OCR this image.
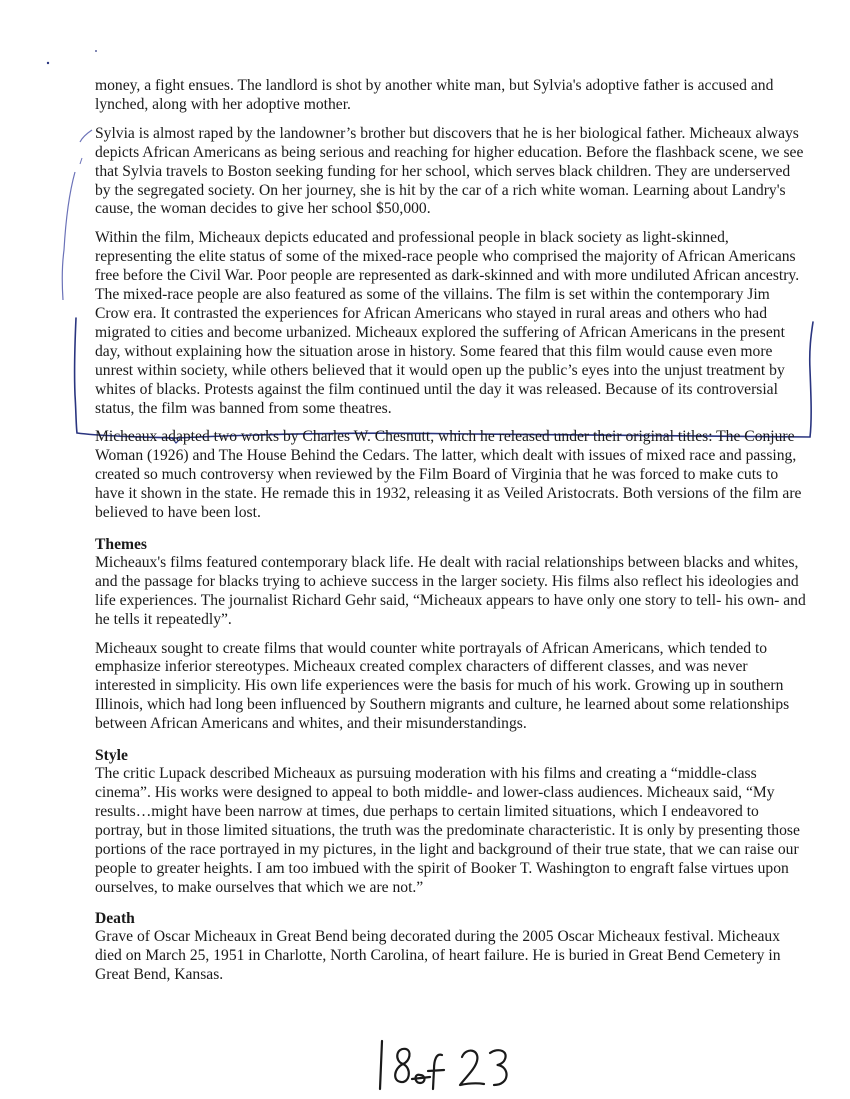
money, a fight ensues. The landlord is shot by another white man, but Sylvia's adoptive father is accused and lynched, along with her adoptive mother.

Sylvia is almost raped by the landowner’s brother but discovers that he is her biological father. Micheaux always depicts African Americans as being serious and reaching for higher education. Before the flashback scene, we see that Sylvia travels to Boston seeking funding for her school, which serves black children. They are underserved by the segregated society. On her journey, she is hit by the car of a rich white woman. Learning about Landry's cause, the woman decides to give her school $50,000.

Within the film, Micheaux depicts educated and professional people in black society as light-skinned, representing the elite status of some of the mixed-race people who comprised the majority of African Americans free before the Civil War. Poor people are represented as dark-skinned and with more undiluted African ancestry. The mixed-race people are also featured as some of the villains. The film is set within the contemporary Jim Crow era. It contrasted the experiences for African Americans who stayed in rural areas and others who had migrated to cities and become urbanized. Micheaux explored the suffering of African Americans in the present day, without explaining how the situation arose in history. Some feared that this film would cause even more unrest within society, while others believed that it would open up the public’s eyes into the unjust treatment by whites of blacks. Protests against the film continued until the day it was released. Because of its controversial status, the film was banned from some theatres.

Micheaux adapted two works by Charles W. Chesnutt, which he released under their original titles: The Conjure Woman (1926) and The House Behind the Cedars. The latter, which dealt with issues of mixed race and passing, created so much controversy when reviewed by the Film Board of Virginia that he was forced to make cuts to have it shown in the state. He remade this in 1932, releasing it as Veiled Aristocrats. Both versions of the film are believed to have been lost.

Themes

Micheaux's films featured contemporary black life. He dealt with racial relationships between blacks and whites, and the passage for blacks trying to achieve success in the larger society. His films also reflect his ideologies and life experiences. The journalist Richard Gehr said, “Micheaux appears to have only one story to tell- his own- and he tells it repeatedly”.

Micheaux sought to create films that would counter white portrayals of African Americans, which tended to emphasize inferior stereotypes. Micheaux created complex characters of different classes, and was never interested in simplicity. His own life experiences were the basis for much of his work. Growing up in southern Illinois, which had long been influenced by Southern migrants and culture, he learned about some relationships between African Americans and whites, and their misunderstandings.

Style

The critic Lupack described Micheaux as pursuing moderation with his films and creating a “middle-class cinema”. His works were designed to appeal to both middle- and lower-class audiences. Micheaux said, “My results…might have been narrow at times, due perhaps to certain limited situations, which I endeavored to portray, but in those limited situations, the truth was the predominate characteristic. It is only by presenting those portions of the race portrayed in my pictures, in the light and background of their true state, that we can raise our people to greater heights. I am too imbued with the spirit of Booker T. Washington to engraft false virtues upon ourselves, to make ourselves that which we are not.”

Death

Grave of Oscar Micheaux in Great Bend being decorated during the 2005 Oscar Micheaux festival. Micheaux died on March 25, 1951 in Charlotte, North Carolina, of heart failure. He is buried in Great Bend Cemetery in Great Bend, Kansas.
